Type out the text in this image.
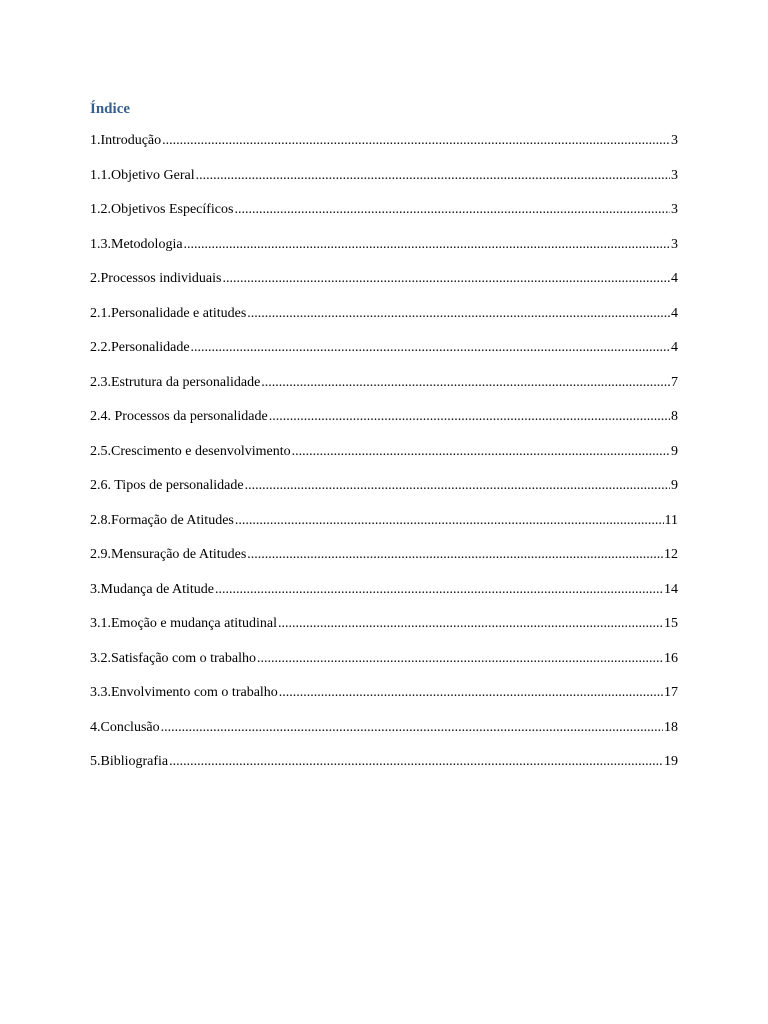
Índice
1.Introdução .....	3
1.1.Objetivo Geral .....	3
1.2.Objetivos Específicos .....	3
1.3.Metodologia .....	3
2.Processos individuais .....	4
2.1.Personalidade e atitudes .....	4
2.2.Personalidade .....	4
2.3.Estrutura da personalidade .....	7
2.4. Processos da personalidade .....	8
2.5.Crescimento e desenvolvimento .....	9
2.6. Tipos de personalidade .....	9
2.8.Formação de Atitudes .....	11
2.9.Mensuração de Atitudes .....	12
3.Mudança de Atitude .....	14
3.1.Emoção e mudança atitudinal .....	15
3.2.Satisfação com o trabalho .....	16
3.3.Envolvimento com o trabalho .....	17
4.Conclusão .....	18
5.Bibliografia .....	19
